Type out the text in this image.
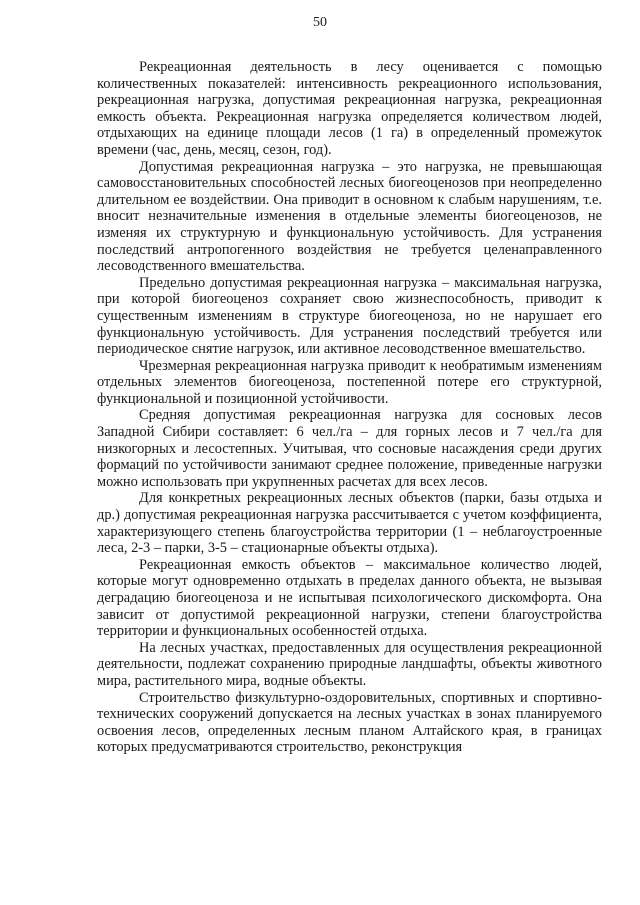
50

Рекреационная деятельность в лесу оценивается с помощью количественных показателей: интенсивность рекреационного использования, рекреационная нагрузка, допустимая рекреационная нагрузка, рекреационная емкость объекта. Рекреационная нагрузка определяется количеством людей, отдыхающих на единице площади лесов (1 га) в определенный промежуток времени (час, день, месяц, сезон, год).

Допустимая рекреационная нагрузка – это нагрузка, не превышающая самовосстановительных способностей лесных биогеоценозов при неопределенно длительном ее воздействии. Она приводит в основном к слабым нарушениям, т.е. вносит незначительные изменения в отдельные элементы биогеоценозов, не изменяя их структурную и функциональную устойчивость. Для устранения последствий антропогенного воздействия не требуется целенаправленного лесоводственного вмешательства.

Предельно допустимая рекреационная нагрузка – максимальная нагрузка, при которой биогеоценоз сохраняет свою жизнеспособность, приводит к существенным изменениям в структуре биогеоценоза, но не нарушает его функциональную устойчивость. Для устранения последствий требуется или периодическое снятие нагрузок, или активное лесоводственное вмешательство.

Чрезмерная рекреационная нагрузка приводит к необратимым изменениям отдельных элементов биогеоценоза, постепенной потере его структурной, функциональной и позиционной устойчивости.

Средняя допустимая рекреационная нагрузка для сосновых лесов Западной Сибири составляет: 6 чел./га – для горных лесов и 7 чел./га для низкогорных и лесостепных. Учитывая, что сосновые насаждения среди других формаций по устойчивости занимают среднее положение, приведенные нагрузки можно использовать при укрупненных расчетах для всех лесов.

Для конкретных рекреационных лесных объектов (парки, базы отдыха и др.) допустимая рекреационная нагрузка рассчитывается с учетом коэффициента, характеризующего степень благоустройства территории (1 – неблагоустроенные леса, 2-3 – парки, 3-5 – стационарные объекты отдыха).

Рекреационная емкость объектов – максимальное количество людей, которые могут одновременно отдыхать в пределах данного объекта, не вызывая деградацию биогеоценоза и не испытывая психологического дискомфорта. Она зависит от допустимой рекреационной нагрузки, степени благоустройства территории и функциональных особенностей отдыха.

На лесных участках, предоставленных для осуществления рекреационной деятельности, подлежат сохранению природные ландшафты, объекты животного мира, растительного мира, водные объекты.

Строительство физкультурно-оздоровительных, спортивных и спортивно-технических сооружений допускается на лесных участках в зонах планируемого освоения лесов, определенных лесным планом Алтайского края, в границах которых предусматриваются строительство, реконструкция
